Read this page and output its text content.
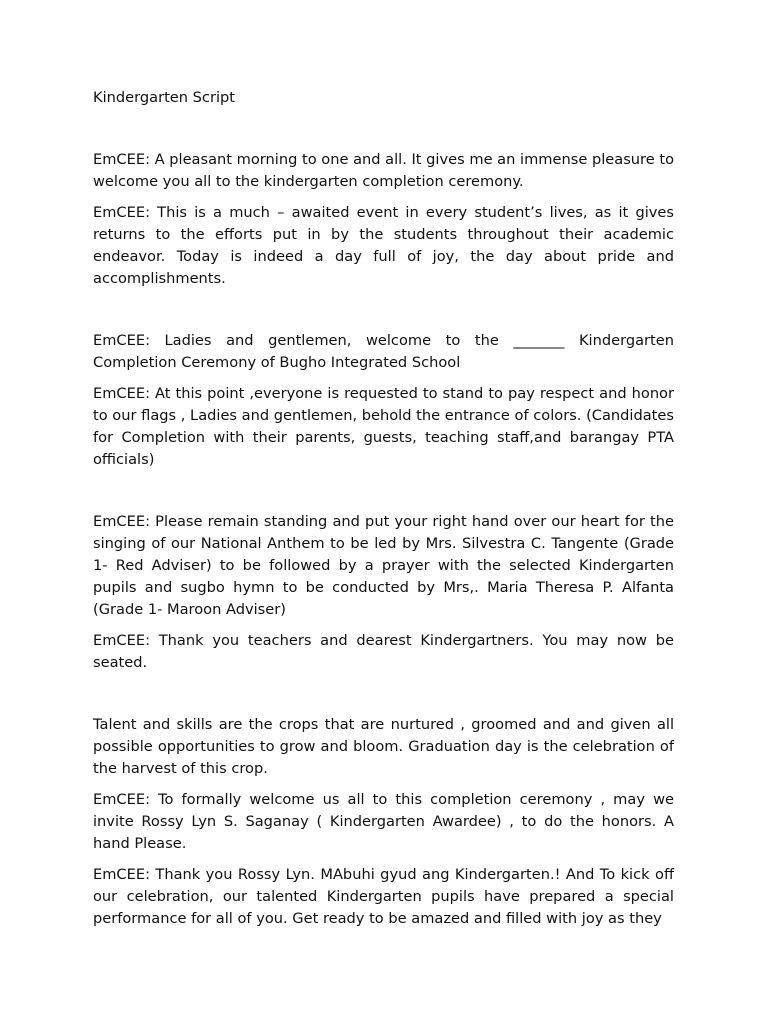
Kindergarten Script

EmCEE: A pleasant morning to one and all. It gives me an immense pleasure to welcome you all to the kindergarten completion ceremony.

EmCEE: This is a much – awaited event in every student’s lives, as it gives returns to the efforts put in by the students throughout their academic endeavor. Today is indeed a day full of joy, the day about pride and accomplishments.

EmCEE: Ladies and gentlemen, welcome to the _______ Kindergarten Completion Ceremony of Bugho Integrated School

EmCEE: At this point ,everyone is requested to stand to pay respect and honor to our flags , Ladies and gentlemen, behold the entrance of colors. (Candidates for Completion with their parents, guests, teaching staff,and barangay PTA officials)

EmCEE: Please remain standing and put your right hand over our heart for the singing of our National Anthem to be led by Mrs. Silvestra C. Tangente (Grade 1- Red Adviser) to be followed by a prayer with the selected Kindergarten pupils and sugbo hymn to be conducted by Mrs,. Maria Theresa P. Alfanta (Grade 1- Maroon Adviser)

EmCEE: Thank you teachers and dearest Kindergartners. You may now be seated.

Talent and skills are the crops that are nurtured , groomed and and given all possible opportunities to grow and bloom. Graduation day is the celebration of the harvest of this crop.

EmCEE: To formally welcome us all to this completion ceremony , may we invite Rossy Lyn S. Saganay ( Kindergarten Awardee) , to do the honors. A hand Please.

EmCEE: Thank you Rossy Lyn. MAbuhi gyud ang Kindergarten.! And To kick off our celebration, our talented Kindergarten pupils have prepared a special performance for all of you. Get ready to be amazed and filled with joy as they
